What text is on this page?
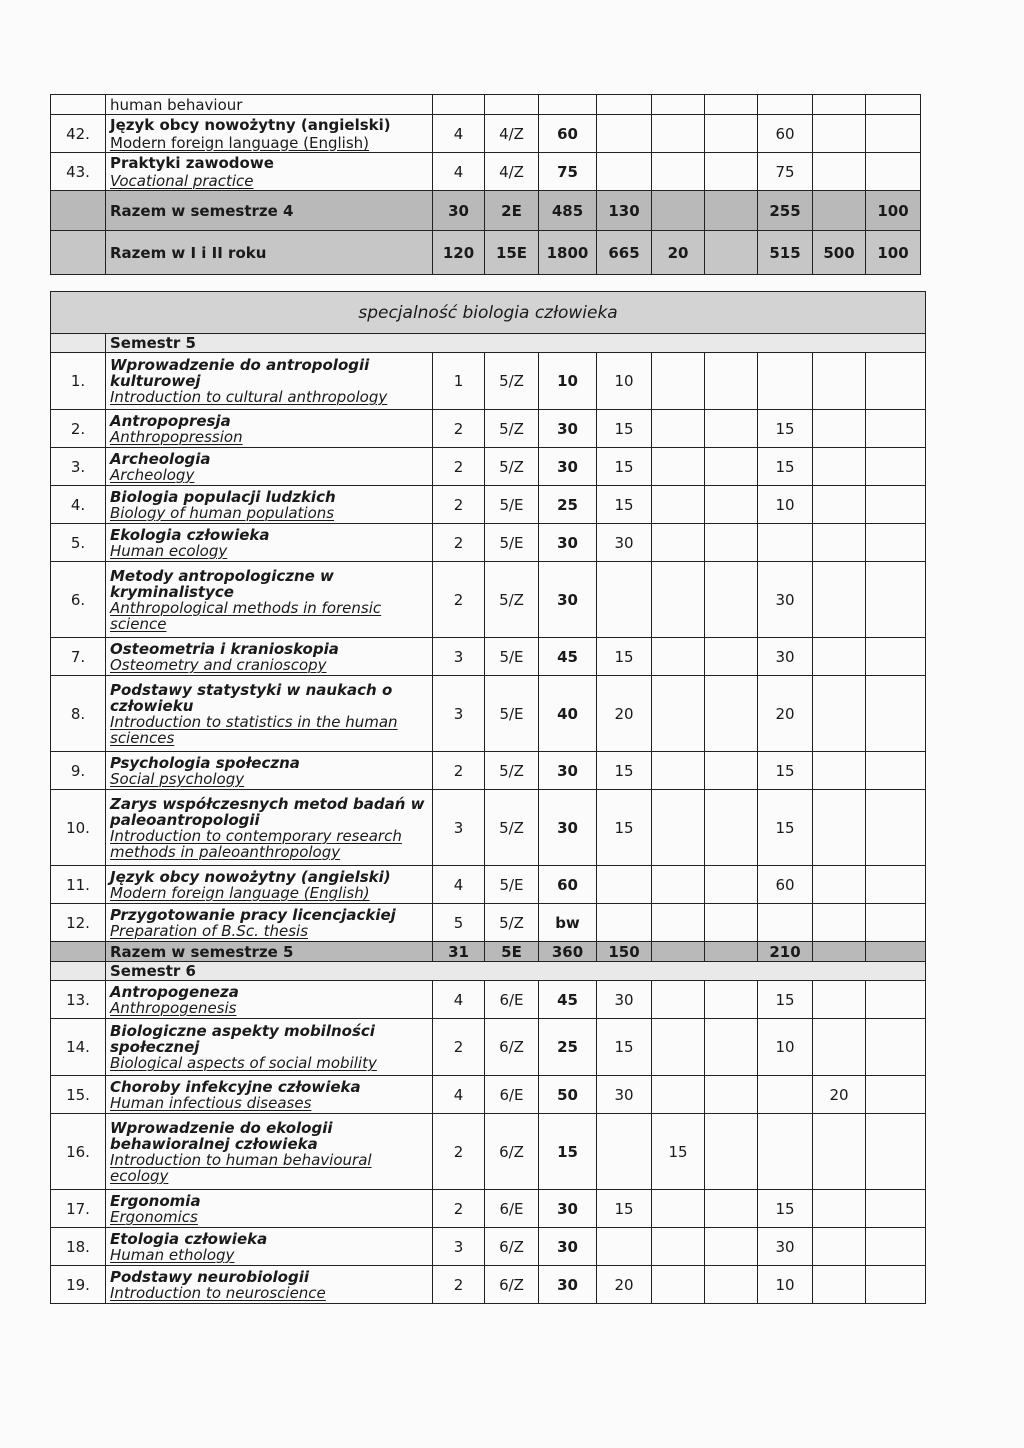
	human behaviour									

42.	Język obcy nowożytny (angielski)
Modern foreign language (English)	4	4/Z	60				60		
43.	Praktyki zawodowe
Vocational practice	4	4/Z	75				75		
	Razem w semestrze 4	30	2E	485	130			255		100
	Razem w I i II roku	120	15E	1800	665	20		515	500	100
specjalność biologia człowieka										
	Semestr 5									
1.	Wprowadzenie do antropologii kulturowej
Introduction to cultural anthropology	1	5/Z	10	10					
2.	Antropopresja
Anthropopression	2	5/Z	30	15			15		
3.	Archeologia
Archeology	2	5/Z	30	15			15		
4.	Biologia populacji ludzkich
Biology of human populations	2	5/E	25	15			10		
5.	Ekologia człowieka
Human ecology	2	5/E	30	30					
6.	Metody antropologiczne w kryminalistyce
Anthropological methods in forensic science	2	5/Z	30				30		
7.	Osteometria i kranioskopia
Osteometry and cranioscopy	3	5/E	45	15			30		
8.	Podstawy statystyki w naukach o człowieku
Introduction to statistics in the human sciences	3	5/E	40	20			20		
9.	Psychologia społeczna
Social psychology	2	5/Z	30	15			15		
10.	Zarys współczesnych metod badań w paleoantropologii
Introduction to contemporary research methods in paleoanthropology	3	5/Z	30	15			15		
11.	Język obcy nowożytny (angielski)
Modern foreign language (English)	4	5/E	60				60		
12.	Przygotowanie pracy licencjackiej
Preparation of B.Sc. thesis	5	5/Z	bw						
	Razem w semestrze 5	31	5E	360	150			210		
	Semestr 6									
13.	Antropogeneza
Anthropogenesis	4	6/E	45	30			15		
14.	Biologiczne aspekty mobilności społecznej
Biological aspects of social mobility	2	6/Z	25	15			10		
15.	Choroby infekcyjne człowieka
Human infectious diseases	4	6/E	50	30				20	
16.	Wprowadzenie do ekologii behawioralnej człowieka
Introduction to human behavioural ecology	2	6/Z	15		15				
17.	Ergonomia
Ergonomics	2	6/E	30	15			15		
18.	Etologia człowieka
Human ethology	3	6/Z	30				30		
19.	Podstawy neurobiologii
Introduction to neuroscience	2	6/Z	30	20			10		
